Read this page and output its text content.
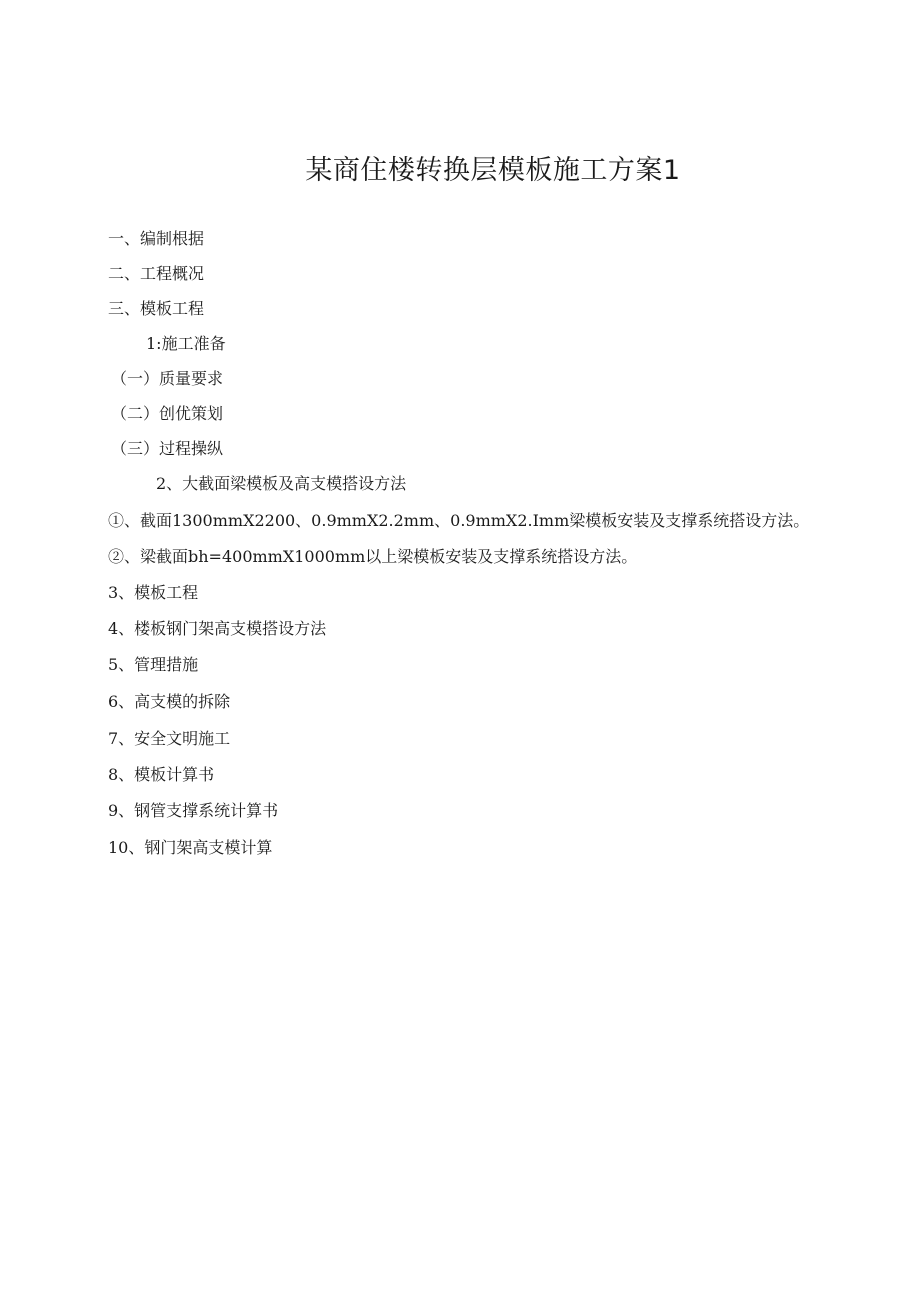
某商住楼转换层模板施工方案1
一、编制根据
二、工程概况
三、模板工程
1:施工准备
（一）质量要求
（二）创优策划
（三）过程操纵
2、大截面梁模板及高支模搭设方法
①、截面1300mmX2200、0.9mmX2.2mm、0.9mmX2.Imm梁模板安装及支撑系统搭设方法。
②、梁截面bh=400mmX1000mm以上梁模板安装及支撑系统搭设方法。
3、模板工程
4、楼板钢门架高支模搭设方法
5、管理措施
6、高支模的拆除
7、安全文明施工
8、模板计算书
9、钢管支撑系统计算书
10、钢门架高支模计算
